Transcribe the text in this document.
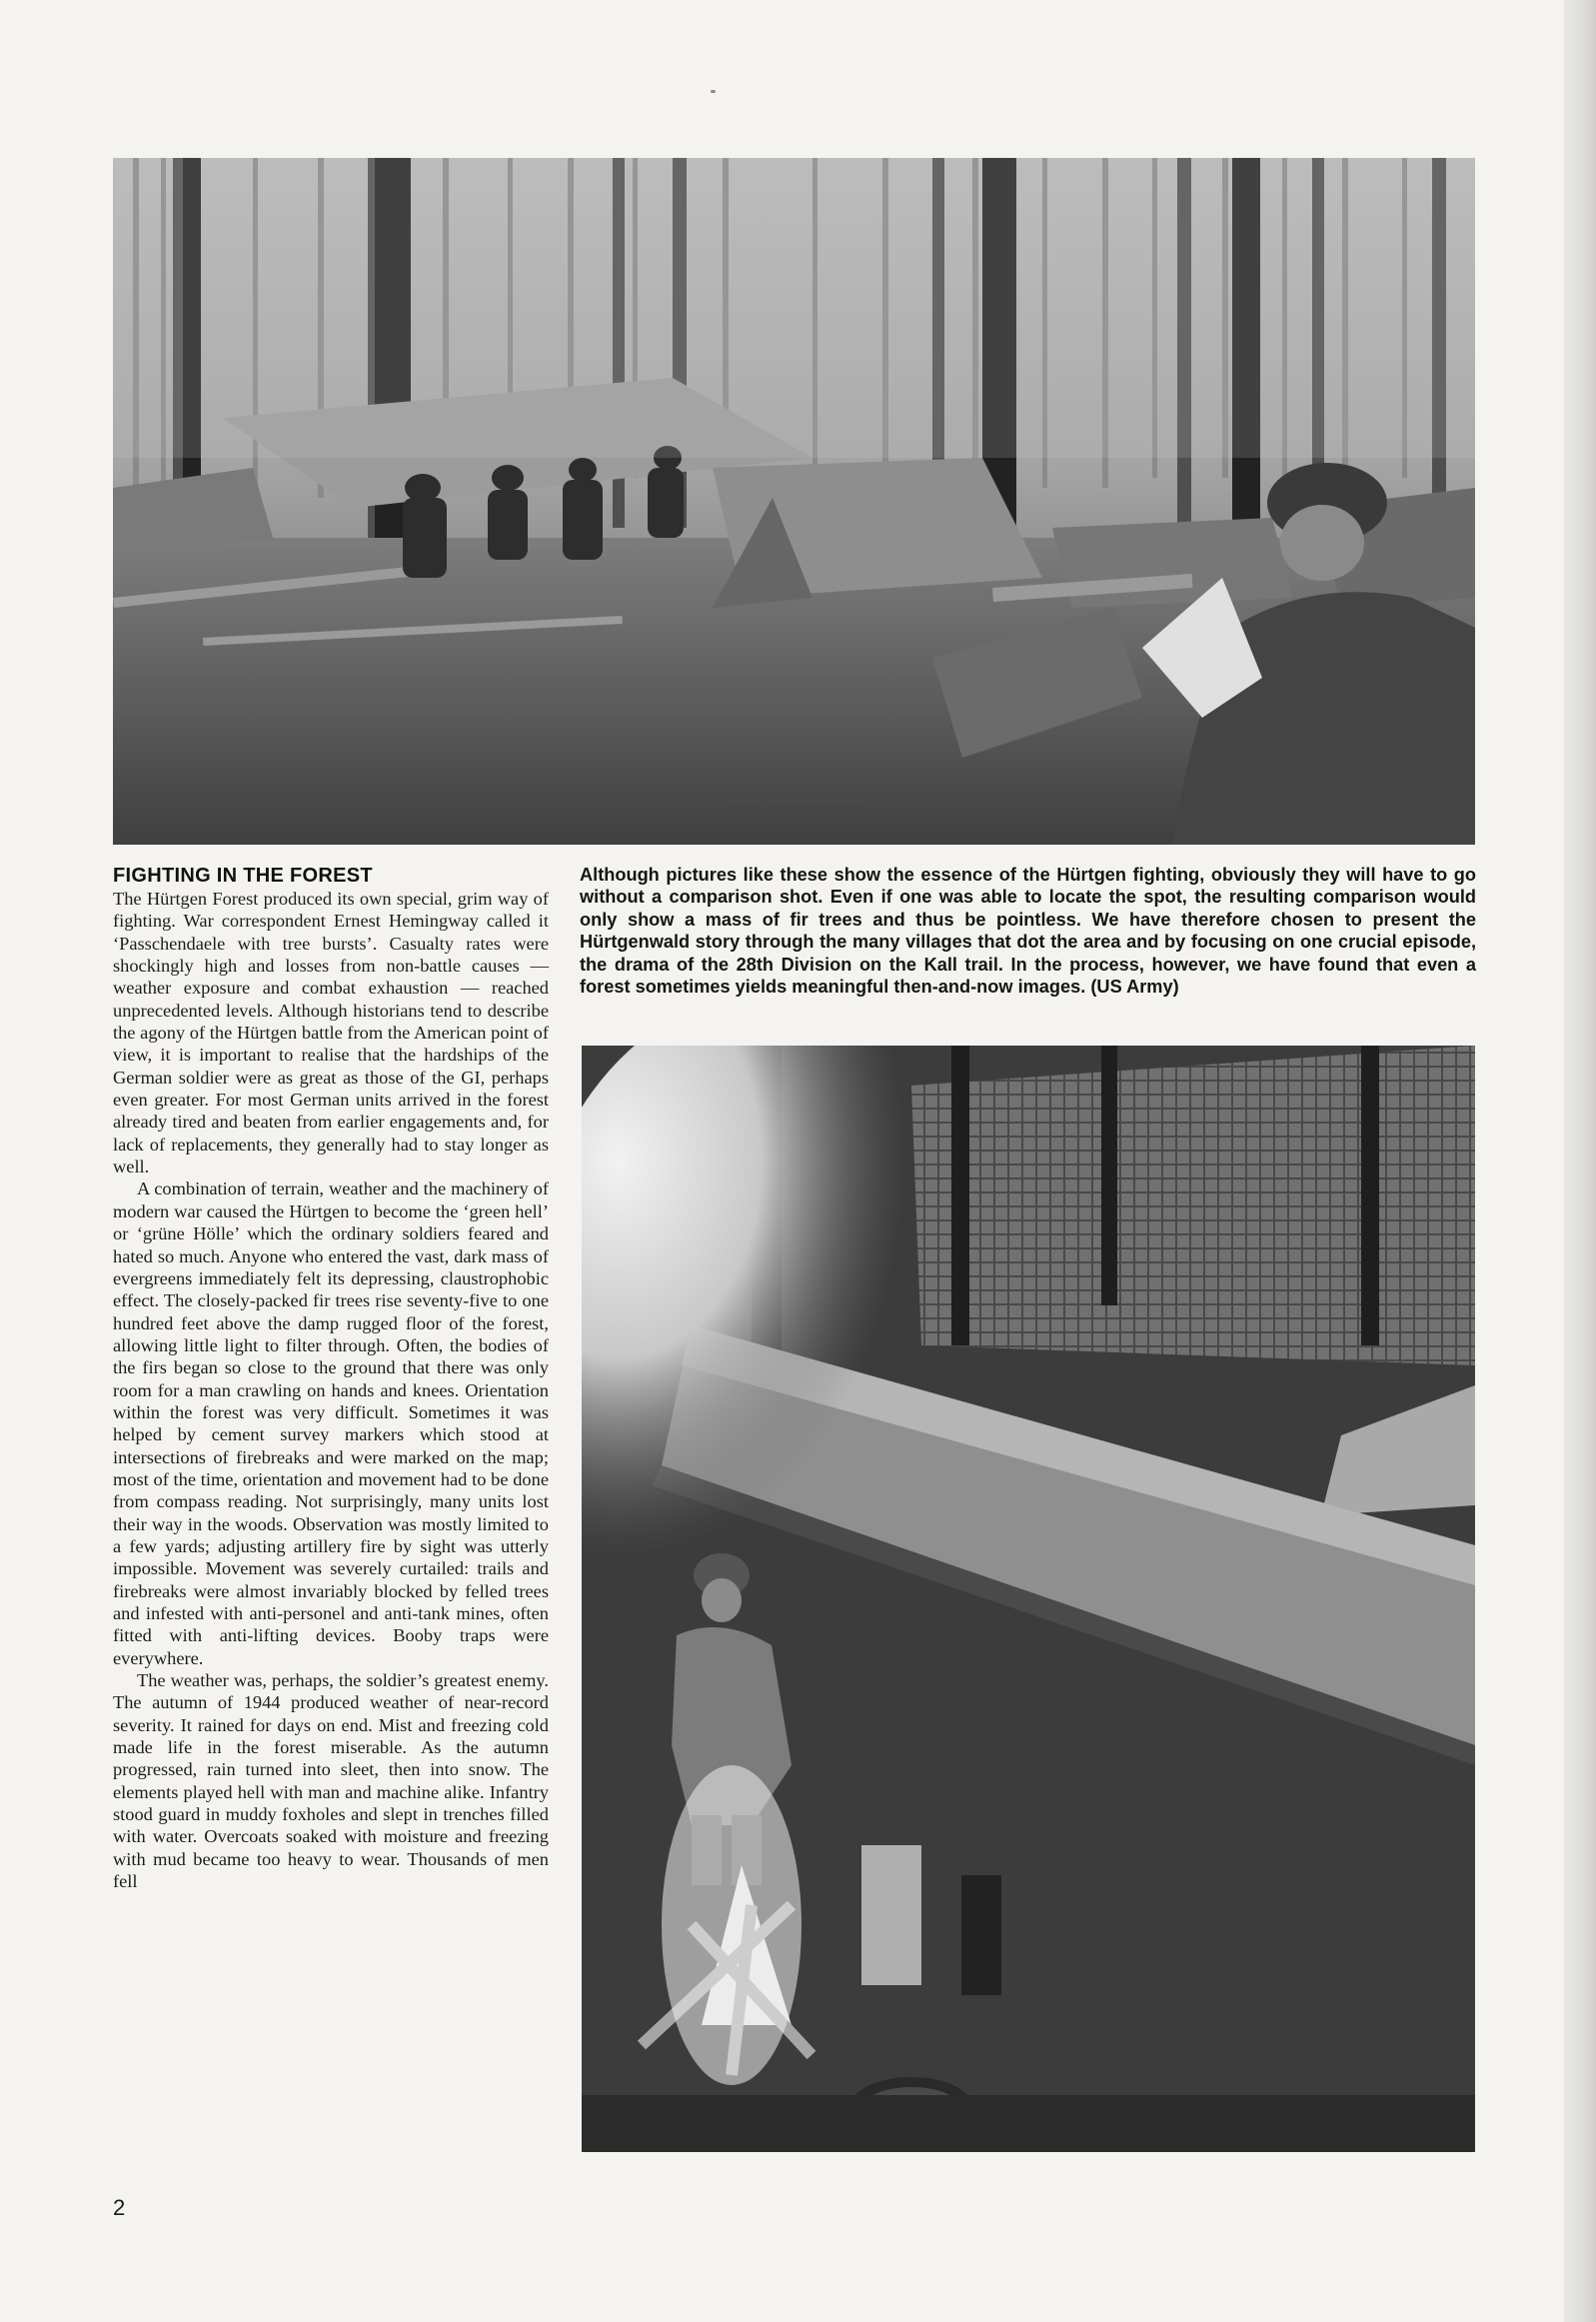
FIGHTING IN THE FOREST

The Hürtgen Forest produced its own special, grim way of fighting. War correspondent Ernest Hemingway called it ‘Passchendaele with tree bursts’. Casualty rates were shockingly high and losses from non-battle causes — weather exposure and combat exhaustion — reached unprecedented levels. Although historians tend to describe the agony of the Hürtgen battle from the American point of view, it is important to realise that the hardships of the German soldier were as great as those of the GI, perhaps even greater. For most German units arrived in the forest already tired and beaten from earlier engagements and, for lack of replacements, they generally had to stay longer as well.

A combination of terrain, weather and the machinery of modern war caused the Hürtgen to become the ‘green hell’ or ‘grüne Hölle’ which the ordinary soldiers feared and hated so much. Anyone who entered the vast, dark mass of evergreens immediately felt its depressing, claustrophobic effect. The closely-packed fir trees rise seventy-five to one hundred feet above the damp rugged floor of the forest, allowing little light to filter through. Often, the bodies of the firs began so close to the ground that there was only room for a man crawling on hands and knees. Orientation within the forest was very difficult. Sometimes it was helped by cement survey markers which stood at intersections of firebreaks and were marked on the map; most of the time, orientation and movement had to be done from compass reading. Not surprisingly, many units lost their way in the woods. Observation was mostly limited to a few yards; adjusting artillery fire by sight was utterly impossible. Movement was severely curtailed: trails and firebreaks were almost invariably blocked by felled trees and infested with anti-personel and anti-tank mines, often fitted with anti-lifting devices. Booby traps were everywhere.

The weather was, perhaps, the soldier’s greatest enemy. The autumn of 1944 produced weather of near-record severity. It rained for days on end. Mist and freezing cold made life in the forest miserable. As the autumn progressed, rain turned into sleet, then into snow. The elements played hell with man and machine alike. Infantry stood guard in muddy foxholes and slept in trenches filled with water. Overcoats soaked with moisture and freezing with mud became too heavy to wear. Thousands of men fell

Although pictures like these show the essence of the Hürtgen fighting, obviously they will have to go without a comparison shot. Even if one was able to locate the spot, the resulting comparison would only show a mass of fir trees and thus be pointless. We have therefore chosen to present the Hürtgenwald story through the many villages that dot the area and by focusing on one crucial episode, the drama of the 28th Division on the Kall trail. In the process, however, we have found that even a forest sometimes yields meaningful then-and-now images. (US Army)

2
